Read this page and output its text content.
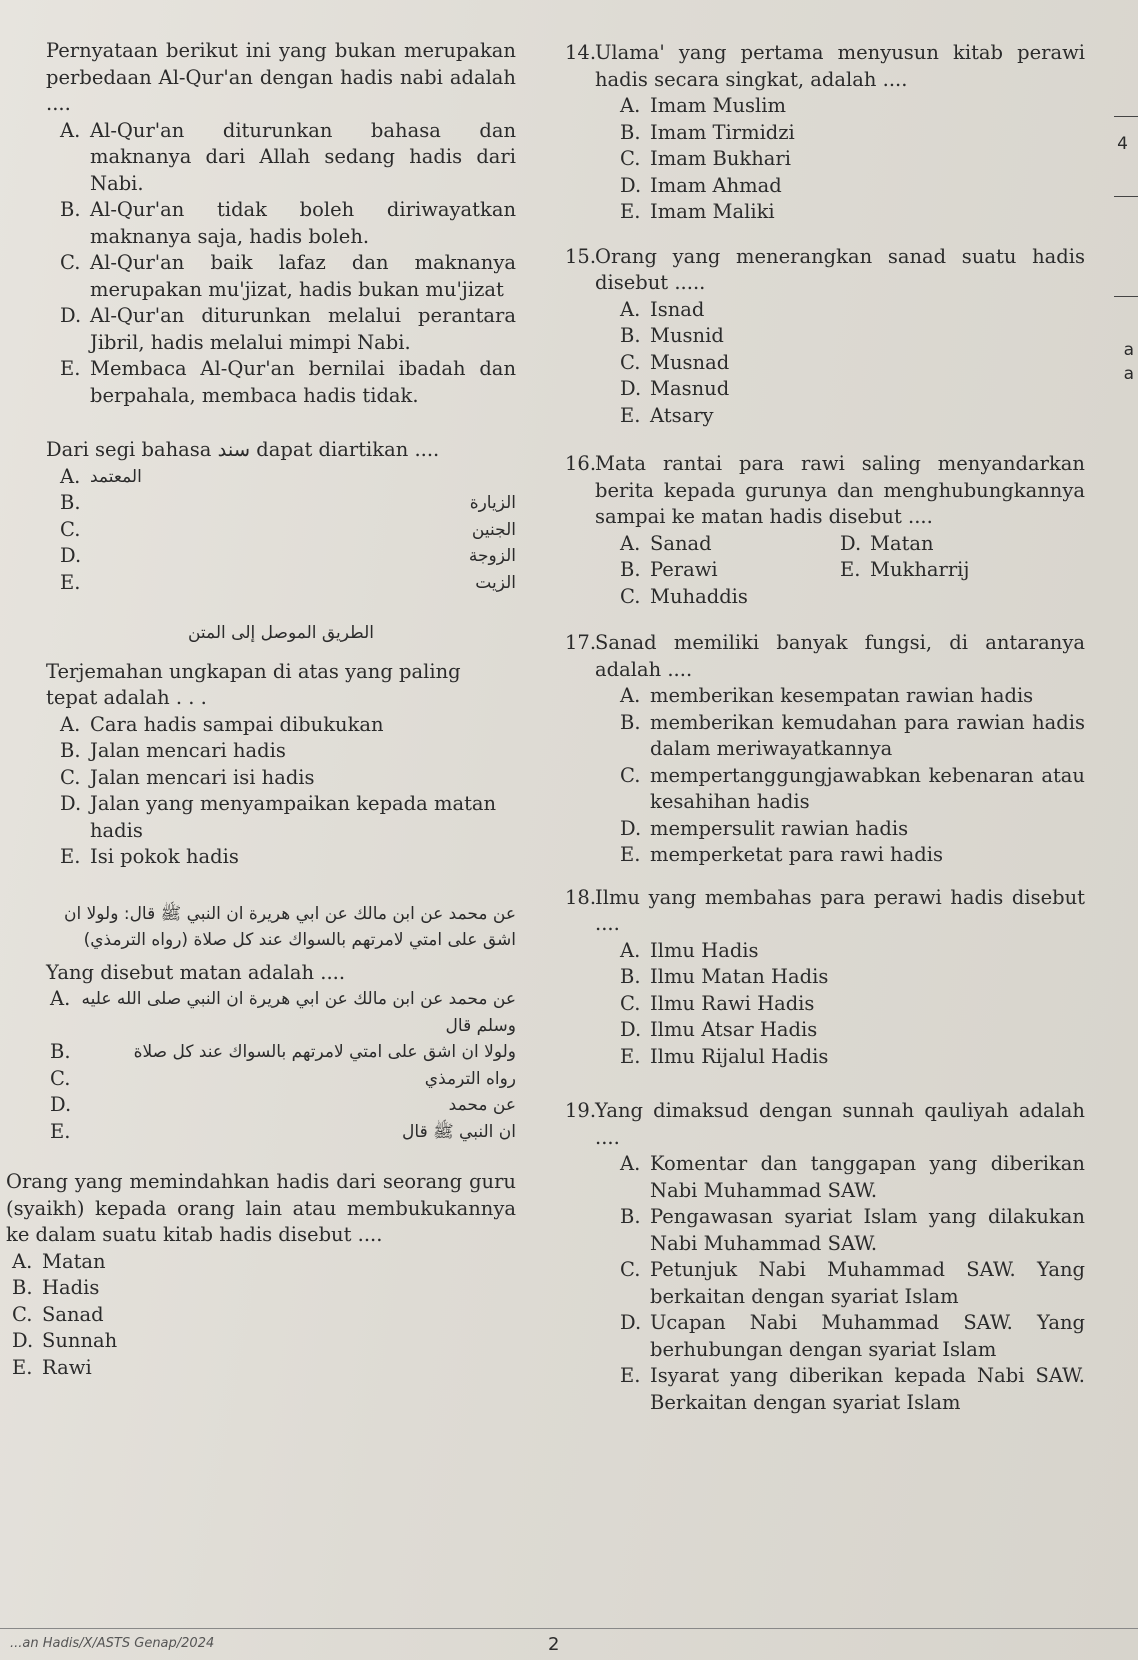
Pernyataan berikut ini yang bukan merupakan perbedaan Al-Qur'an dengan hadis nabi adalah ....

A. Al-Qur'an diturunkan bahasa dan maknanya dari Allah sedang hadis dari Nabi.
B. Al-Qur'an tidak boleh diriwayatkan maknanya saja, hadis boleh.
C. Al-Qur'an baik lafaz dan maknanya merupakan mu'jizat, hadis bukan mu'jizat
D. Al-Qur'an diturunkan melalui perantara Jibril, hadis melalui mimpi Nabi.
E. Membaca Al-Qur'an bernilai ibadah dan berpahala, membaca hadis tidak.

Dari segi bahasa سند dapat diartikan ....

A. المعتمد
B.	الزيارة
C.	الجنين
D.	الزوجة
E.	الزيت

الطريق الموصل إلى المتن

Terjemahan ungkapan di atas yang paling tepat adalah . . .

A. Cara hadis sampai dibukukan
B. Jalan mencari hadis
C. Jalan mencari isi hadis
D. Jalan yang menyampaikan kepada matan hadis
E. Isi pokok hadis

عن محمد عن ابن مالك عن ابي هريرة ان النبي ﷺ قال: ولولا ان

اشق على امتي لامرتهم بالسواك عند كل صلاة (رواه الترمذي)

Yang disebut matan adalah ....

A. عن محمد عن ابن مالك عن ابي هريرة ان النبي صلى الله عليه وسلم قال
B.	ولولا ان اشق على امتي لامرتهم بالسواك عند كل صلاة
C.	رواه الترمذي
D.	عن محمد
E.	ان النبي ﷺ قال

Orang yang memindahkan hadis dari seorang guru (syaikh) kepada orang lain atau membukukannya ke dalam suatu kitab hadis disebut ....

A. Matan
B. Hadis
C. Sanad
D. Sunnah
E. Rawi
14.
Ulama' yang pertama menyusun kitab perawi hadis secara singkat, adalah ....
A. Imam Muslim
B. Imam Tirmidzi
C. Imam Bukhari
D. Imam Ahmad
E. Imam Maliki
15.
Orang yang menerangkan sanad suatu hadis disebut .....
A. Isnad
B. Musnid
C. Musnad
D. Masnud
E. Atsary
16.
Mata rantai para rawi saling menyandarkan berita kepada gurunya dan menghubungkannya sampai ke matan hadis disebut ....
A. Sanad	D. Matan
B. Perawi	E. Mukharrij
C. Muhaddis
17.
Sanad memiliki banyak fungsi, di antaranya adalah ....
A. memberikan kesempatan rawian hadis
B. memberikan kemudahan para rawian hadis dalam meriwayatkannya
C. mempertanggungjawabkan kebenaran atau kesahihan hadis
D. mempersulit rawian hadis
E. memperketat para rawi hadis
18.
Ilmu yang membahas para perawi hadis disebut ....
A. Ilmu Hadis
B. Ilmu Matan Hadis
C. Ilmu Rawi Hadis
D. Ilmu Atsar Hadis
E. Ilmu Rijalul Hadis
19.
Yang dimaksud dengan sunnah qauliyah adalah ....
A. Komentar dan tanggapan yang diberikan Nabi Muhammad SAW.
B. Pengawasan syariat Islam yang dilakukan Nabi Muhammad SAW.
C. Petunjuk Nabi Muhammad SAW. Yang berkaitan dengan syariat Islam
D. Ucapan Nabi Muhammad SAW. Yang berhubungan dengan syariat Islam
E. Isyarat yang diberikan kepada Nabi SAW. Berkaitan dengan syariat Islam
4
a
a
...an Hadis/X/ASTS Genap/2024	2
